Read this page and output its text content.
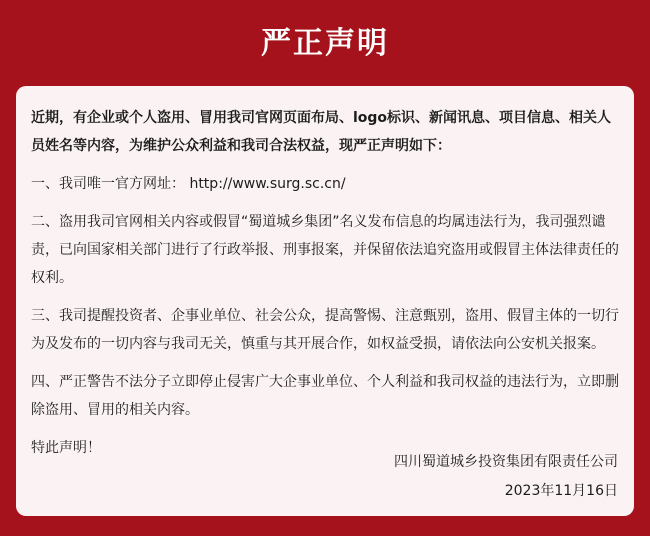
严正声明

近期，有企业或个人盗用、冒用我司官网页面布局、logo标识、新闻讯息、项目信息、相关人员姓名等内容，为维护公众利益和我司合法权益，现严正声明如下：

一、我司唯一官方网址： http://www.surg.sc.cn/

二、盗用我司官网相关内容或假冒“蜀道城乡集团”名义发布信息的均属违法行为，我司强烈谴责，已向国家相关部门进行了行政举报、刑事报案，并保留依法追究盗用或假冒主体法律责任的权利。

三、我司提醒投资者、企事业单位、社会公众，提高警惕、注意甄别，盗用、假冒主体的一切行为及发布的一切内容与我司无关，慎重与其开展合作，如权益受损，请依法向公安机关报案。

四、严正警告不法分子立即停止侵害广大企事业单位、个人利益和我司权益的违法行为，立即删除盗用、冒用的相关内容。

特此声明！

四川蜀道城乡投资集团有限责任公司
2023年11月16日
